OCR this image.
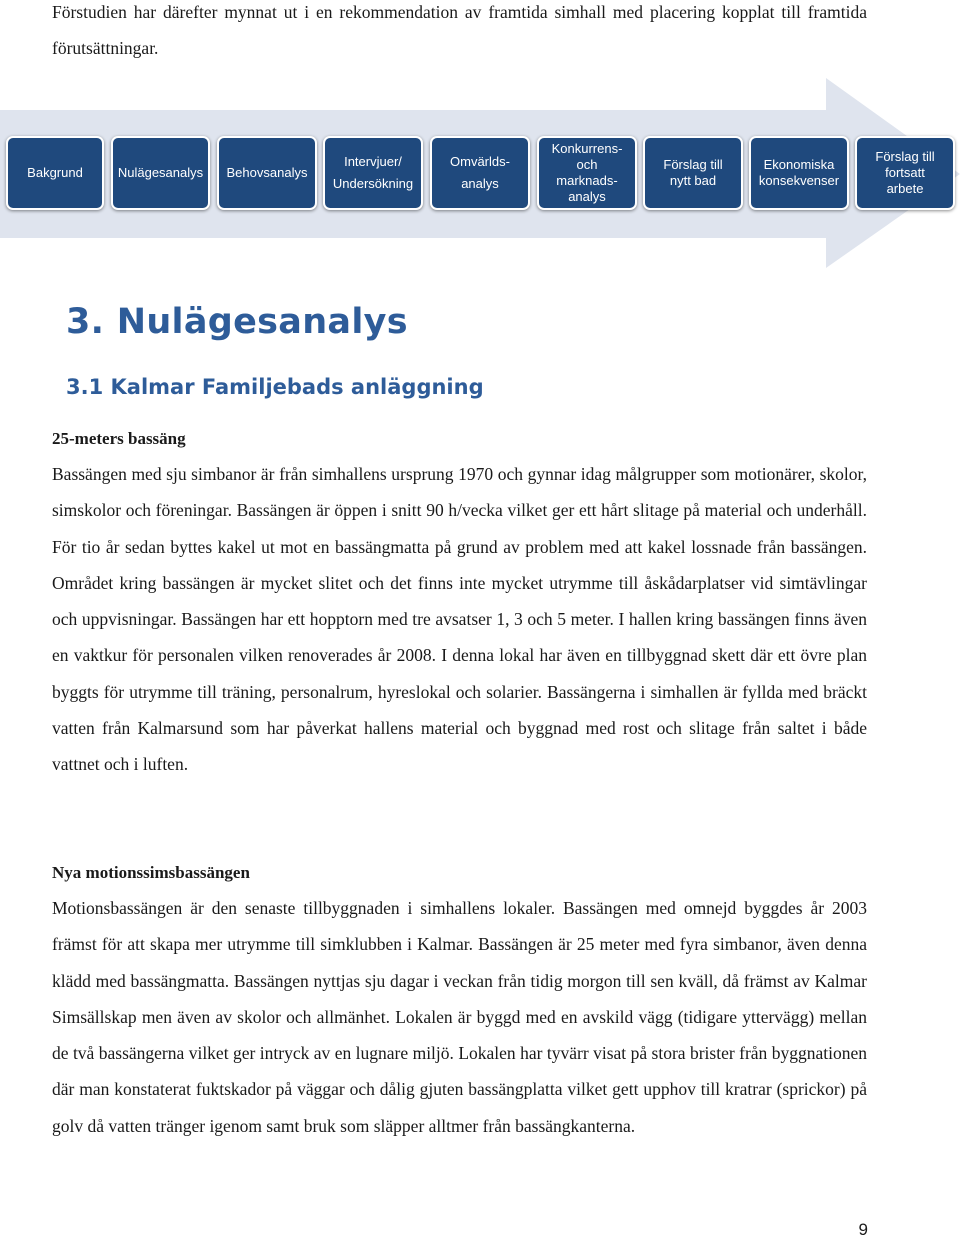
Förstudien har därefter mynnat ut i en rekommendation av framtida simhall med placering kopplat till framtida förutsättningar.

Bakgrund	Nulägesanalys Behovsanalys
Intervjuer/
Undersökning
Omvärlds-
analys
Konkurrens-
och
marknads-
analys
Förslag till
nytt bad
Ekonomiska
konsekvenser
Förslag till
fortsatt
arbete
3. Nulägesanalys
3.1 Kalmar Familjebads anläggning

25-meters bassäng

Bassängen med sju simbanor är från simhallens ursprung 1970 och gynnar idag målgrupper som motionärer, skolor, simskolor och föreningar. Bassängen är öppen i snitt 90 h/vecka vilket ger ett hårt slitage på material och underhåll. För tio år sedan byttes kakel ut mot en bassängmatta på grund av problem med att kakel lossnade från bassängen. Området kring bassängen är mycket slitet och det finns inte mycket utrymme till åskådarplatser vid simtävlingar och uppvisningar. Bassängen har ett hopptorn med tre avsatser 1, 3 och 5 meter. I hallen kring bassängen finns även en vaktkur för personalen vilken renoverades år 2008. I denna lokal har även en tillbyggnad skett där ett övre plan byggts för utrymme till träning, personalrum, hyreslokal och solarier. Bassängerna i simhallen är fyllda med bräckt vatten från Kalmarsund som har påverkat hallens material och byggnad med rost och slitage från saltet i både vattnet och i luften.

Nya motionssimsbassängen

Motionsbassängen är den senaste tillbyggnaden i simhallens lokaler. Bassängen med omnejd byggdes år 2003 främst för att skapa mer utrymme till simklubben i Kalmar. Bassängen är 25 meter med fyra simbanor, även denna klädd med bassängmatta. Bassängen nyttjas sju dagar i veckan från tidig morgon till sen kväll, då främst av Kalmar Simsällskap men även av skolor och allmänhet. Lokalen är byggd med en avskild vägg (tidigare yttervägg) mellan de två bassängerna vilket ger intryck av en lugnare miljö. Lokalen har tyvärr visat på stora brister från byggnationen där man konstaterat fuktskador på väggar och dålig gjuten bassängplatta vilket gett upphov till kratrar (sprickor) på golv då vatten tränger igenom samt bruk som släpper alltmer från bassängkanterna.

9
